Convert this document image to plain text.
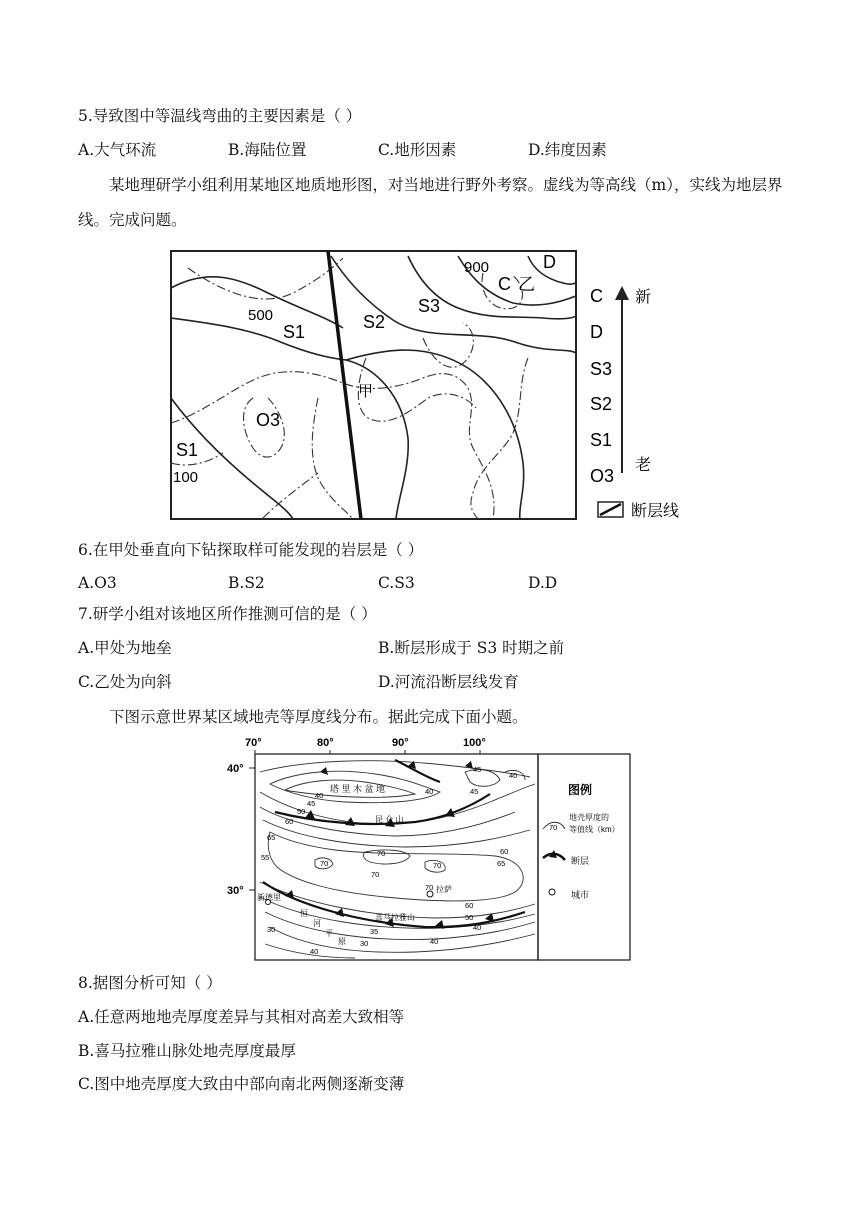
5.导致图中等温线弯曲的主要因素是（ ）
A.大气环流	B.海陆位置	C.地形因素	D.纬度因素
某地理研学小组利用某地区地质地形图，对当地进行野外考察。虚线为等高线（m），实线为地层界线。完成问题。
900
500
100
D
C 乙
S3
S2
S1
甲
O3
S1
C
D
S3
S2
S1
O3
新
老
断层线
6.在甲处垂直向下钻探取样可能发现的岩层是（ ）
A.O3	B.S2	C.S3	D.D
7.研学小组对该地区所作推测可信的是（ ）
A.甲处为地垒	B.断层形成于 S3 时期之前
C.乙处为向斜	D.河流沿断层线发育
下图示意世界某区域地壳等厚度线分布。据此完成下面小题。
70°	80°	90°	100°
40°
30°
塔 里 木 盆 地
昆 仑 山
拉萨
新德里
恒
河
平
原
喜马拉雅山
40
45
50
60
65
70
70
70	70
70
60
65
55
60
50
40
35
30	40
30
40
45
40
40	45	图例
70
地壳厚度的
等值线（km）
断层
城市
8.据图分析可知（ ）
A.任意两地地壳厚度差异与其相对高差大致相等
B.喜马拉雅山脉处地壳厚度最厚
C.图中地壳厚度大致由中部向南北两侧逐渐变薄
